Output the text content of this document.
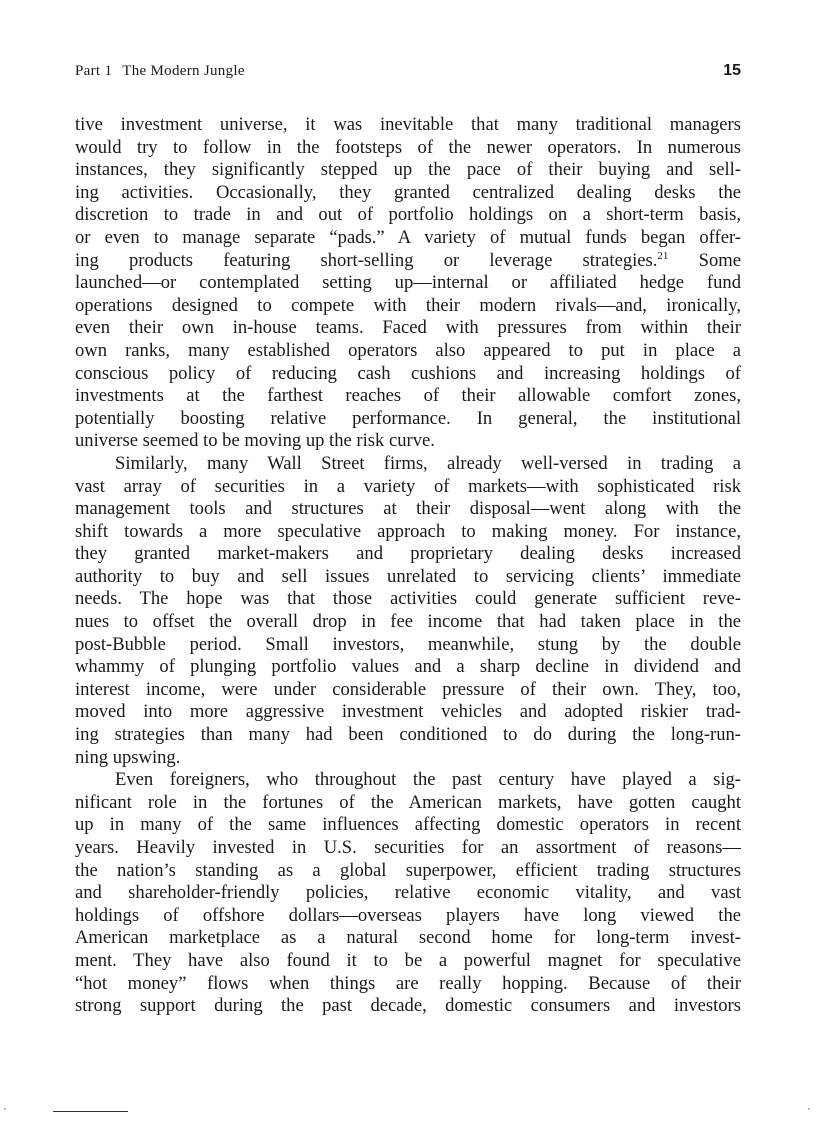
Part 1 The Modern Jungle	15
tive investment universe, it was inevitable that many traditional managers
would try to follow in the footsteps of the newer operators. In numerous
instances, they significantly stepped up the pace of their buying and sell-
ing activities. Occasionally, they granted centralized dealing desks the
discretion to trade in and out of portfolio holdings on a short-term basis,
or even to manage separate “pads.” A variety of mutual funds began offer-
ing products featuring short-selling or leverage strategies.$^{21}$ Some
launched—or contemplated setting up—internal or affiliated hedge fund
operations designed to compete with their modern rivals—and, ironically,
even their own in-house teams. Faced with pressures from within their
own ranks, many established operators also appeared to put in place a
conscious policy of reducing cash cushions and increasing holdings of
investments at the farthest reaches of their allowable comfort zones,
potentially boosting relative performance. In general, the institutional
universe seemed to be moving up the risk curve.
Similarly, many Wall Street firms, already well-versed in trading a
vast array of securities in a variety of markets—with sophisticated risk
management tools and structures at their disposal—went along with the
shift towards a more speculative approach to making money. For instance,
they granted market-makers and proprietary dealing desks increased
authority to buy and sell issues unrelated to servicing clients’ immediate
needs. The hope was that those activities could generate sufficient reve-
nues to offset the overall drop in fee income that had taken place in the
post-Bubble period. Small investors, meanwhile, stung by the double
whammy of plunging portfolio values and a sharp decline in dividend and
interest income, were under considerable pressure of their own. They, too,
moved into more aggressive investment vehicles and adopted riskier trad-
ing strategies than many had been conditioned to do during the long-run-
ning upswing.
Even foreigners, who throughout the past century have played a sig-
nificant role in the fortunes of the American markets, have gotten caught
up in many of the same influences affecting domestic operators in recent
years. Heavily invested in U.S. securities for an assortment of reasons—
the nation’s standing as a global superpower, efficient trading structures
and shareholder-friendly policies, relative economic vitality, and vast
holdings of offshore dollars—overseas players have long viewed the
American marketplace as a natural second home for long-term invest-
ment. They have also found it to be a powerful magnet for speculative
“hot money” flows when things are really hopping. Because of their
strong support during the past decade, domestic consumers and investors
